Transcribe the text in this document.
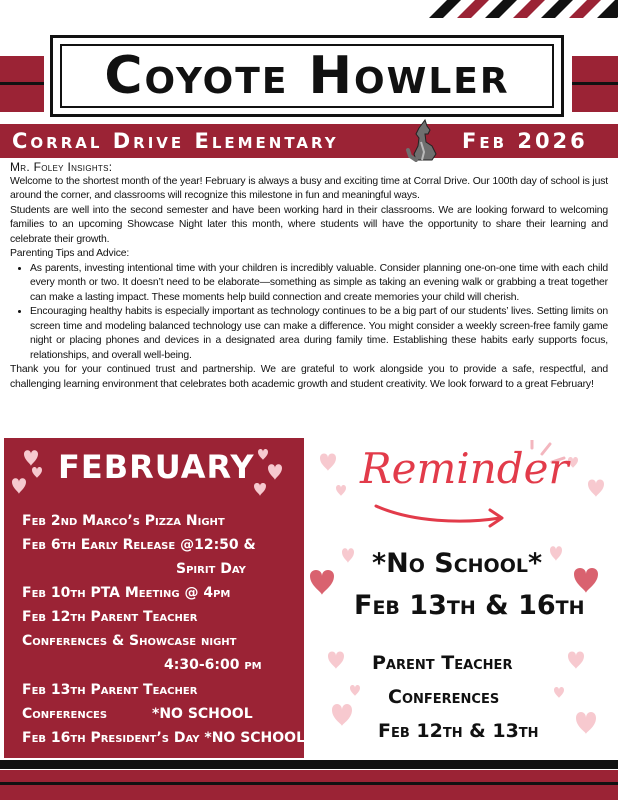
Coyote Howler
Corral Drive Elementary	Feb 2026

Mr. Foley Insights:

Welcome to the shortest month of the year! February is always a busy and exciting time at Corral Drive. Our 100th day of school is just around the corner, and classrooms will recognize this milestone in fun and meaningful ways.

Students are well into the second semester and have been working hard in their classrooms. We are looking forward to welcoming families to an upcoming Showcase Night later this month, where students will have the opportunity to share their learning and celebrate their growth.

Parenting Tips and Advice:

• As parents, investing intentional time with your children is incredibly valuable. Consider planning one-on-one time with each child every month or two. It doesn’t need to be elaborate—something as simple as taking an evening walk or grabbing a treat together can make a lasting impact. These moments help build connection and create memories your child will cherish.
• Encouraging healthy habits is especially important as technology continues to be a big part of our students’ lives. Setting limits on screen time and modeling balanced technology use can make a difference. You might consider a weekly screen-free family game night or placing phones and devices in a designated area during family time. Establishing these habits early supports focus, relationships, and overall well-being.

Thank you for your continued trust and partnership. We are grateful to work alongside you to provide a safe, respectful, and challenging learning environment that celebrates both academic growth and student creativity. We look forward to a great February!

FEBRUARY
Feb 2nd Marco’s Pizza Night
Feb 6th Early Release @12:50 &
Spirit Day
Feb 10th PTA Meeting @ 4pm
Feb 12th Parent Teacher
Conferences & Showcase night
4:30-6:00 pm
Feb 13th Parent Teacher
Conferences	*NO SCHOOL
Feb 16th President’s Day *NO SCHOOL
Reminder
*No School*
Feb 13th & 16th
Parent Teacher
Conferences
Feb 12th & 13th
